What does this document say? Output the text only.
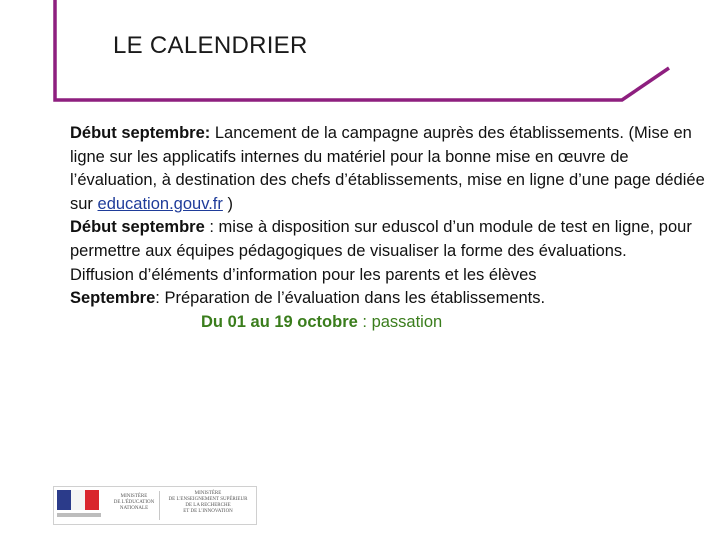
LE CALENDRIER

Début septembre: Lancement de la campagne auprès des établissements. (Mise en ligne sur les applicatifs internes du matériel pour la bonne mise en œuvre de l’évaluation, à destination des chefs d’établissements, mise en ligne d’une page dédiée sur education.gouv.fr )

Début septembre : mise à disposition sur eduscol d’un module de test en ligne, pour permettre aux équipes pédagogiques de visualiser la forme des évaluations.

Diffusion d’éléments d’information pour les parents et les élèves

Septembre: Préparation de l’évaluation dans les établissements.

Du 01 au 19 octobre : passation

MINISTÈRE
DE L'ÉDUCATION
NATIONALE
MINISTÈRE
DE L'ENSEIGNEMENT SUPÉRIEUR
DE LA RECHERCHE
ET DE L'INNOVATION
